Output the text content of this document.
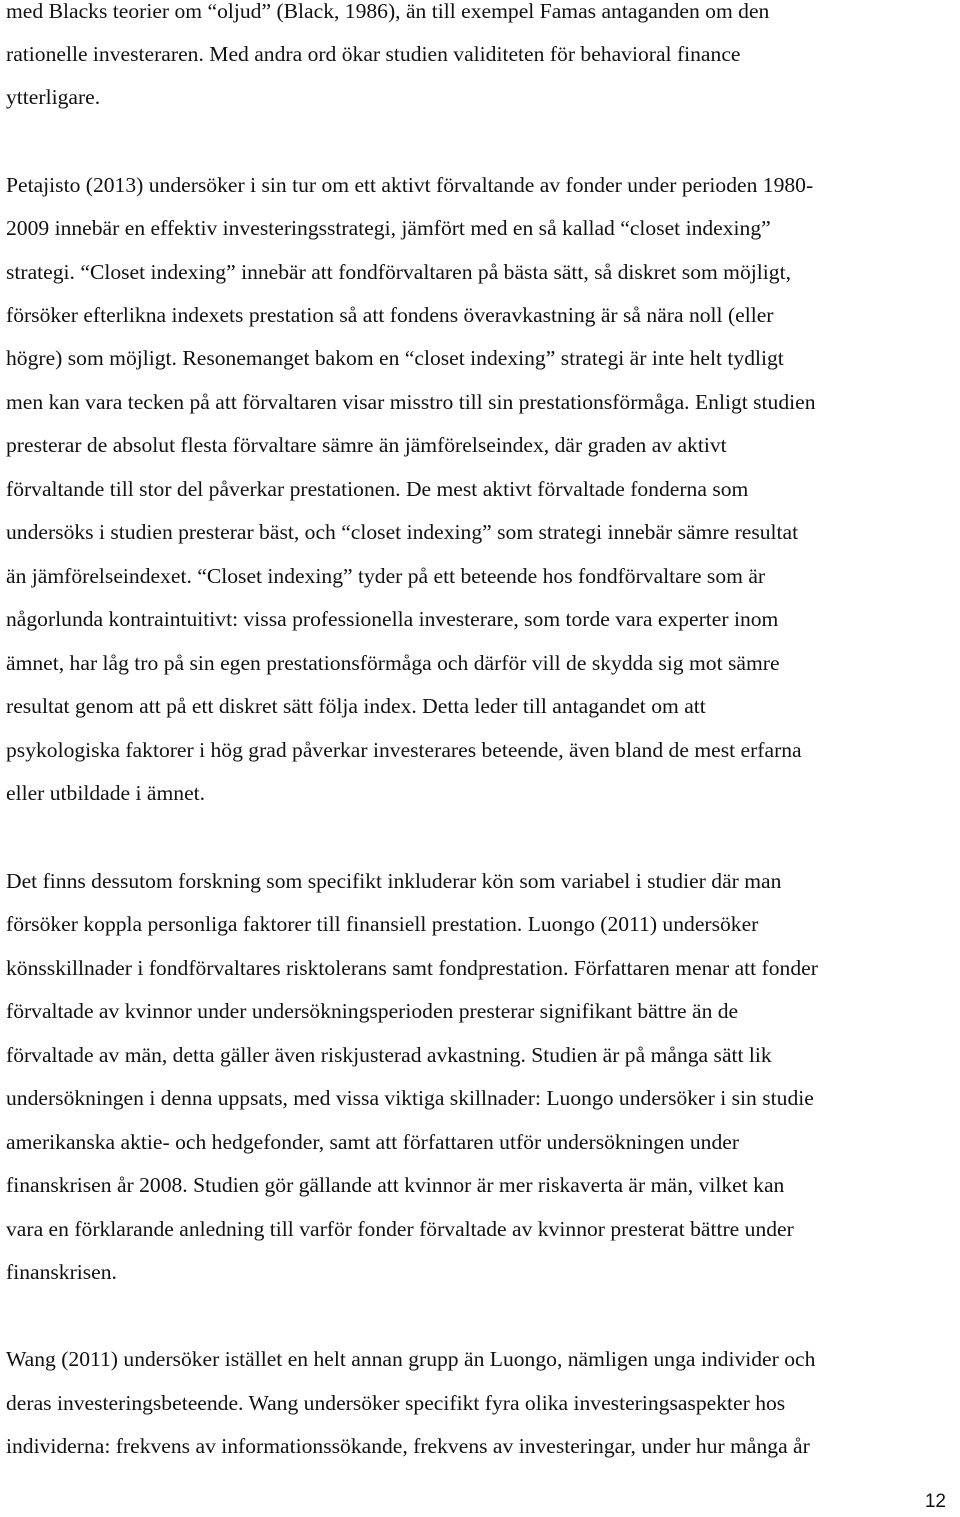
med Blacks teorier om “oljud” (Black, 1986), än till exempel Famas antaganden om den
rationelle investeraren. Med andra ord ökar studien validiteten för behavioral finance
ytterligare.
Petajisto (2013) undersöker i sin tur om ett aktivt förvaltande av fonder under perioden 1980-
2009 innebär en effektiv investeringsstrategi, jämfört med en så kallad “closet indexing”
strategi. “Closet indexing” innebär att fondförvaltaren på bästa sätt, så diskret som möjligt,
försöker efterlikna indexets prestation så att fondens överavkastning är så nära noll (eller
högre) som möjligt. Resonemanget bakom en “closet indexing” strategi är inte helt tydligt
men kan vara tecken på att förvaltaren visar misstro till sin prestationsförmåga. Enligt studien
presterar de absolut flesta förvaltare sämre än jämförelseindex, där graden av aktivt
förvaltande till stor del påverkar prestationen. De mest aktivt förvaltade fonderna som
undersöks i studien presterar bäst, och “closet indexing” som strategi innebär sämre resultat
än jämförelseindexet. “Closet indexing” tyder på ett beteende hos fondförvaltare som är
någorlunda kontraintuitivt: vissa professionella investerare, som torde vara experter inom
ämnet, har låg tro på sin egen prestationsförmåga och därför vill de skydda sig mot sämre
resultat genom att på ett diskret sätt följa index. Detta leder till antagandet om att
psykologiska faktorer i hög grad påverkar investerares beteende, även bland de mest erfarna
eller utbildade i ämnet.
Det finns dessutom forskning som specifikt inkluderar kön som variabel i studier där man
försöker koppla personliga faktorer till finansiell prestation. Luongo (2011) undersöker
könsskillnader i fondförvaltares risktolerans samt fondprestation. Författaren menar att fonder
förvaltade av kvinnor under undersökningsperioden presterar signifikant bättre än de
förvaltade av män, detta gäller även riskjusterad avkastning. Studien är på många sätt lik
undersökningen i denna uppsats, med vissa viktiga skillnader: Luongo undersöker i sin studie
amerikanska aktie- och hedgefonder, samt att författaren utför undersökningen under
finanskrisen år 2008. Studien gör gällande att kvinnor är mer riskaverta är män, vilket kan
vara en förklarande anledning till varför fonder förvaltade av kvinnor presterat bättre under
finanskrisen.
Wang (2011) undersöker istället en helt annan grupp än Luongo, nämligen unga individer och
deras investeringsbeteende. Wang undersöker specifikt fyra olika investeringsaspekter hos
individerna: frekvens av informationssökande, frekvens av investeringar, under hur många år
12
